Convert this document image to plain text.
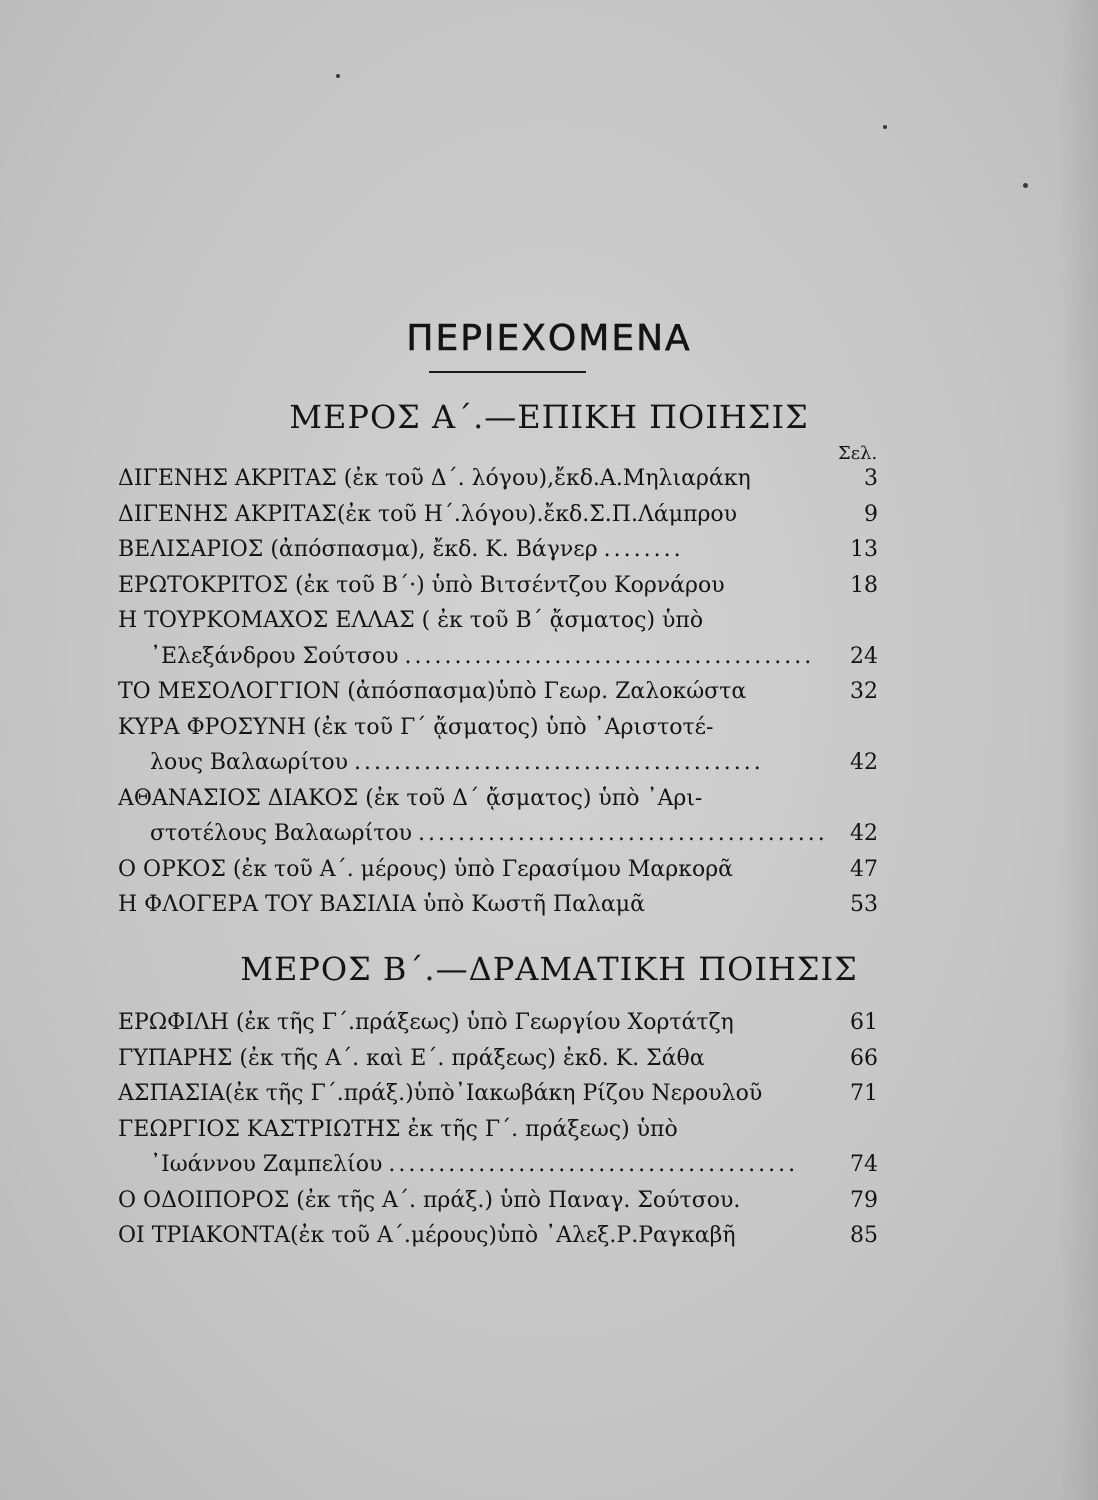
ΠΕΡΙΕΧΟΜΕΝΑ
ΜΕΡΟΣ Α΄.—ΕΠΙΚΗ ΠΟΙΗΣΙΣ
Σελ.
ΔΙΓΕΝΗΣ ΑΚΡΙΤΑΣ (ἐκ τοῦ Δ΄. λόγου),ἔκδ.Α.Μηλιαράκη	3
ΔΙΓΕΝΗΣ ΑΚΡΙΤΑΣ(ἐκ τοῦ Η΄.λόγου).ἔκδ.Σ.Π.Λάμπρου	9
ΒΕΛΙΣΑΡΙΟΣ (ἀπόσπασμα), ἔκδ. Κ. Βάγνερ ........	13
ΕΡΩΤΟΚΡΙΤΟΣ (ἐκ τοῦ Β΄·) ὑπὸ Βιτσέντζου Κορνάρου	18
Η ΤΟΥΡΚΟΜΑΧΟΣ ΕΛΛΑΣ ( ἐκ τοῦ Β΄ ᾄσματος) ὑπὸ
᾽Ελεξάνδρου Σούτσου .........................................	24
ΤΟ ΜΕΣΟΛΟΓΓΙΟΝ (ἀπόσπασμα)ὑπὸ Γεωρ. Ζαλοκώστα	32
ΚΥΡΑ ΦΡΟΣΥΝΗ (ἐκ τοῦ Γ΄ ᾄσματος) ὑπὸ ᾽Αριστοτέ-
λους Βαλαωρίτου .........................................	42
ΑΘΑΝΑΣΙΟΣ ΔΙΑΚΟΣ (ἐκ τοῦ Δ΄ ᾄσματος) ὑπὸ ᾽Αρι-
στοτέλους Βαλαωρίτου .........................................	42
Ο ΟΡΚΟΣ (ἐκ τοῦ Α΄. μέρους) ὑπὸ Γερασίμου Μαρκορᾶ	47
Η ΦΛΟΓΕΡΑ ΤΟΥ ΒΑΣΙΛΙΑ ὑπὸ Κωστῆ Παλαμᾶ	53
ΜΕΡΟΣ Β΄.—ΔΡΑΜΑΤΙΚΗ ΠΟΙΗΣΙΣ
ΕΡΩΦΙΛΗ (ἐκ τῆς Γ΄.πράξεως) ὑπὸ Γεωργίου Χορτάτζη	61
ΓΥΠΑΡΗΣ (ἐκ τῆς Α΄. καὶ Ε΄. πράξεως) ἐκδ. Κ. Σάθα	66
ΑΣΠΑΣΙΑ(ἐκ τῆς Γ΄.πράξ.)ὑπὸ᾽Ιακωβάκη Ρίζου Νερουλοῦ	71
ΓΕΩΡΓΙΟΣ ΚΑΣΤΡΙΩΤΗΣ ἐκ τῆς Γ΄. πράξεως) ὑπὸ
᾽Ιωάννου Ζαμπελίου .........................................	74
Ο ΟΔΟΙΠΟΡΟΣ (ἐκ τῆς Α΄. πράξ.) ὑπὸ Παναγ. Σούτσου.	79
ΟΙ ΤΡΙΑΚΟΝΤΑ(ἐκ τοῦ Α΄.μέρους)ὑπὸ ᾽Αλεξ.Ρ.Ραγκαβῆ	85
